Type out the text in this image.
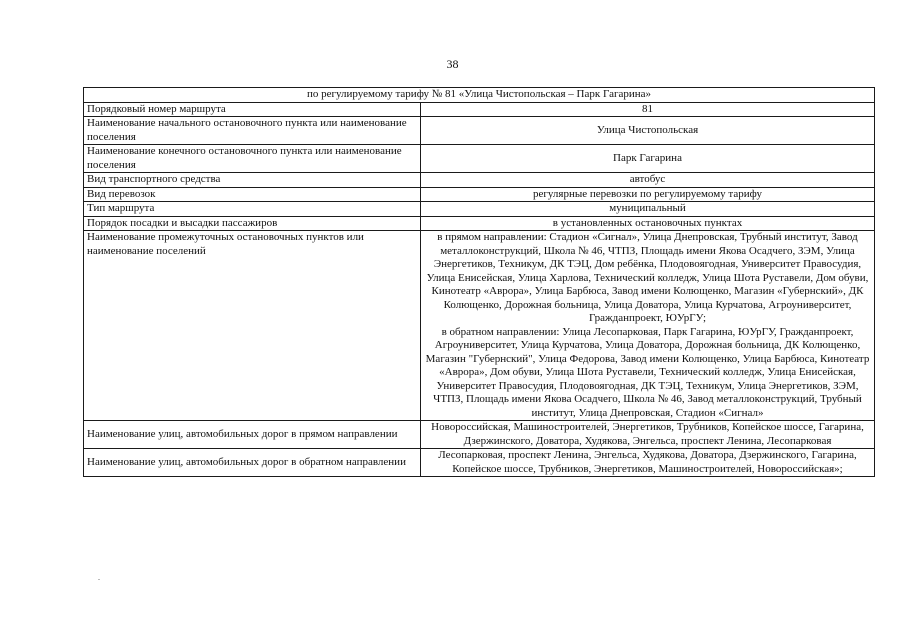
38
по регулируемому тарифу № 81 «Улица Чистопольская – Парк Гагарина»	
Порядковый номер маршрута	81
Наименование начального остановочного пункта или наименование поселения	Улица Чистопольская
Наименование конечного остановочного пункта или наименование поселения	Парк Гагарина
Вид транспортного средства	автобус
Вид перевозок	регулярные перевозки по регулируемому тарифу
Тип маршрута	муниципальный
Порядок посадки и высадки пассажиров	в установленных остановочных пунктах
Наименование промежуточных остановочных пунктов или наименование поселений	в прямом направлении: Стадион «Сигнал», Улица Днепровская, Трубный институт, Завод металлоконструкций, Школа № 46, ЧТПЗ, Площадь имени Якова Осадчего, ЗЭМ, Улица Энергетиков, Техникум, ДК ТЭЦ, Дом ребёнка, Плодовоягодная, Университет Правосудия, Улица Енисейская, Улица Харлова, Технический колледж, Улица Шота Руставели, Дом обуви, Кинотеатр «Аврора», Улица Барбюса, Завод имени Колющенко, Магазин «Губернский», ДК Колющенко, Дорожная больница, Улица Доватора, Улица Курчатова, Агроуниверситет, Гражданпроект, ЮУрГУ;
в обратном направлении: Улица Лесопарковая, Парк Гагарина, ЮУрГУ, Гражданпроект, Агроуниверситет, Улица Курчатова, Улица Доватора, Дорожная больница, ДК Колющенко, Магазин "Губернский", Улица Федорова, Завод имени Колющенко, Улица Барбюса, Кинотеатр «Аврора», Дом обуви, Улица Шота Руставели, Технический колледж, Улица Енисейская, Университет Правосудия, Плодовоягодная, ДК ТЭЦ, Техникум, Улица Энергетиков, ЗЭМ, ЧТПЗ, Площадь имени Якова Осадчего, Школа № 46, Завод металлоконструкций, Трубный институт, Улица Днепровская, Стадион «Сигнал»

Наименование улиц, автомобильных дорог в прямом направлении	Новороссийская, Машиностроителей, Энергетиков, Трубников, Копейское шоссе, Гагарина, Дзержинского, Доватора, Худякова, Энгельса, проспект Ленина, Лесопарковая
Наименование улиц, автомобильных дорог в обратном направлении	Лесопарковая, проспект Ленина, Энгельса, Худякова, Доватора, Дзержинского, Гагарина, Копейское шоссе, Трубников, Энергетиков, Машиностроителей, Новороссийская»;
